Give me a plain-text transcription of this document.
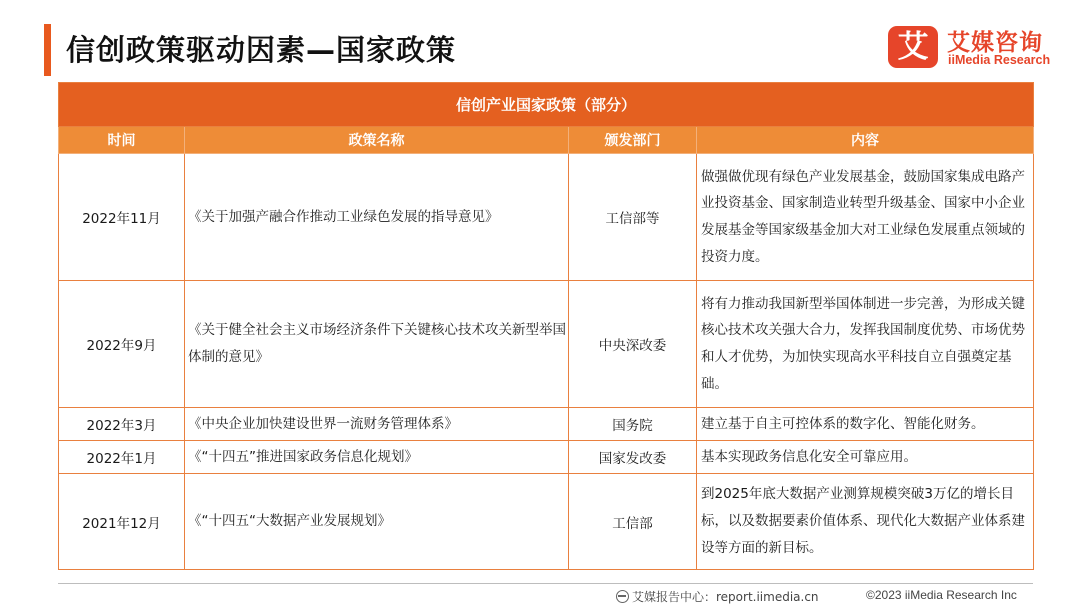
信创政策驱动因素—国家政策	艾 艾媒咨询
iiMedia Research
信创产业国家政策（部分）			
时间	政策名称	颁发部门	内容
2022年11月	《关于加强产融合作推动工业绿色发展的指导意见》	工信部等	做强做优现有绿色产业发展基金，鼓励国家集成电路产业投资基金、国家制造业转型升级基金、国家中小企业发展基金等国家级基金加大对工业绿色发展重点领域的投资力度。
2022年9月	《关于健全社会主义市场经济条件下关键核心技术攻关新型举国体制的意见》	中央深改委	将有力推动我国新型举国体制进一步完善，为形成关键核心技术攻关强大合力，发挥我国制度优势、市场优势和人才优势，为加快实现高水平科技自立自强奠定基础。
2022年3月	《中央企业加快建设世界一流财务管理体系》	国务院	建立基于自主可控体系的数字化、智能化财务。
2022年1月	《“十四五”推进国家政务信息化规划》	国家发改委	基本实现政务信息化安全可靠应用。
2021年12月	《“十四五“大数据产业发展规划》	工信部	到2025年底大数据产业测算规模突破3万亿的增长目标，以及数据要素价值体系、现代化大数据产业体系建设等方面的新目标。
艾媒报告中心：report.iimedia.cn	©2023 iiMedia Research Inc
